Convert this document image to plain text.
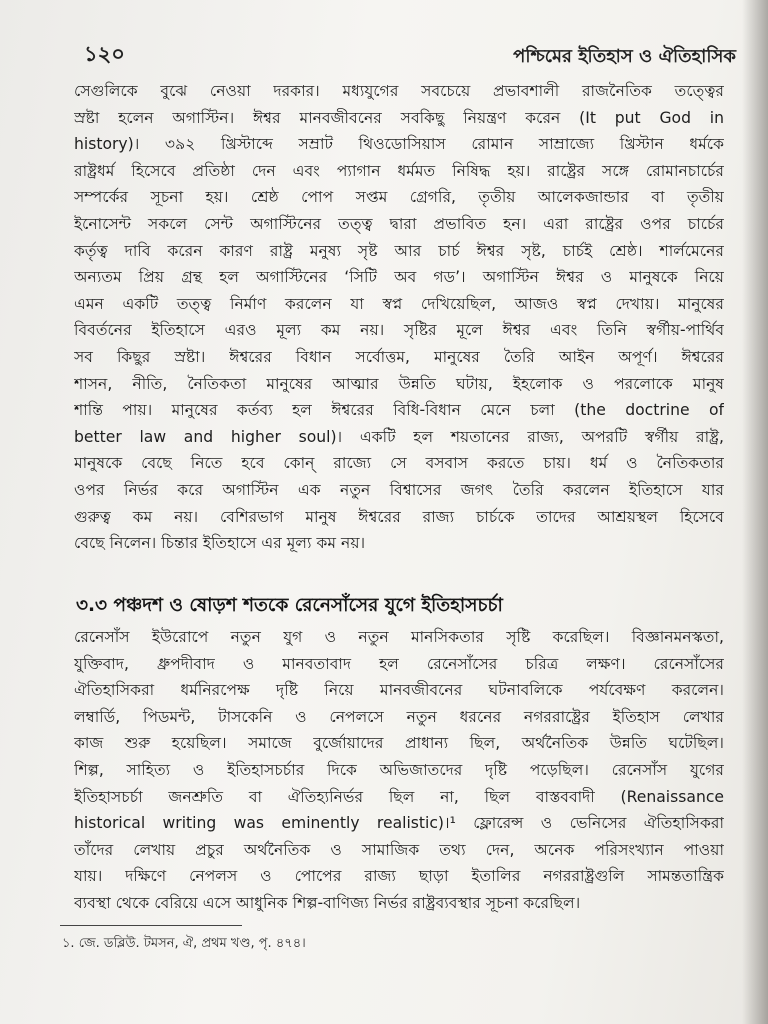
১২০	পশ্চিমের ইতিহাস ও ঐতিহাসিক
সেগুলিকে বুঝে নেওয়া দরকার। মধ্যযুগের সবচেয়ে প্রভাবশালী রাজনৈতিক তত্ত্বের
স্রষ্টা হলেন অগাস্টিন। ঈশ্বর মানবজীবনের সবকিছু নিয়ন্ত্রণ করেন (It put God in
history)। ৩৯২ খ্রিস্টাব্দে সম্রাট থিওডোসিয়াস রোমান সাম্রাজ্যে খ্রিস্টান ধর্মকে
রাষ্ট্রধর্ম হিসেবে প্রতিষ্ঠা দেন এবং প্যাগান ধর্মমত নিষিদ্ধ হয়। রাষ্ট্রের সঙ্গে রোমানচার্চের
সম্পর্কের সূচনা হয়। শ্রেষ্ঠ পোপ সপ্তম গ্রেগরি, তৃতীয় আলেকজান্ডার বা তৃতীয়
ইনোসেন্ট সকলে সেন্ট অগাস্টিনের তত্ত্ব দ্বারা প্রভাবিত হন। এরা রাষ্ট্রের ওপর চার্চের
কর্তৃত্ব দাবি করেন কারণ রাষ্ট্র মনুষ্য সৃষ্ট আর চার্চ ঈশ্বর সৃষ্ট, চার্চই শ্রেষ্ঠ। শার্লমেনের
অন্যতম প্রিয় গ্রন্থ হল অগাস্টিনের ‘সিটি অব গড’। অগাস্টিন ঈশ্বর ও মানুষকে নিয়ে
এমন একটি তত্ত্ব নির্মাণ করলেন যা স্বপ্ন দেখিয়েছিল, আজও স্বপ্ন দেখায়। মানুষের
বিবর্তনের ইতিহাসে এরও মূল্য কম নয়। সৃষ্টির মূলে ঈশ্বর এবং তিনি স্বর্গীয়-পার্থিব
সব কিছুর স্রষ্টা। ঈশ্বরের বিধান সর্বোত্তম, মানুষের তৈরি আইন অপূর্ণ। ঈশ্বরের
শাসন, নীতি, নৈতিকতা মানুষের আত্মার উন্নতি ঘটায়, ইহলোক ও পরলোকে মানুষ
শান্তি পায়। মানুষের কর্তব্য হল ঈশ্বরের বিধি-বিধান মেনে চলা (the doctrine of
better law and higher soul)। একটি হল শয়তানের রাজ্য, অপরটি স্বর্গীয় রাষ্ট্র,
মানুষকে বেছে নিতে হবে কোন্ রাজ্যে সে বসবাস করতে চায়। ধর্ম ও নৈতিকতার
ওপর নির্ভর করে অগাস্টিন এক নতুন বিশ্বাসের জগৎ তৈরি করলেন ইতিহাসে যার
গুরুত্ব কম নয়। বেশিরভাগ মানুষ ঈশ্বরের রাজ্য চার্চকে তাদের আশ্রয়স্থল হিসেবে
বেছে নিলেন। চিন্তার ইতিহাসে এর মূল্য কম নয়।
৩.৩ পঞ্চদশ ও ষোড়শ শতকে রেনেসাঁসের যুগে ইতিহাসচর্চা
রেনেসাঁস ইউরোপে নতুন যুগ ও নতুন মানসিকতার সৃষ্টি করেছিল। বিজ্ঞানমনস্কতা,
যুক্তিবাদ, ধ্রুপদীবাদ ও মানবতাবাদ হল রেনেসাঁসের চরিত্র লক্ষণ। রেনেসাঁসের
ঐতিহাসিকরা ধর্মনিরপেক্ষ দৃষ্টি নিয়ে মানবজীবনের ঘটনাবলিকে পর্যবেক্ষণ করলেন।
লম্বার্ডি, পিডমন্ট, টাসকেনি ও নেপলসে নতুন ধরনের নগররাষ্ট্রের ইতিহাস লেখার
কাজ শুরু হয়েছিল। সমাজে বুর্জোয়াদের প্রাধান্য ছিল, অর্থনৈতিক উন্নতি ঘটেছিল।
শিল্প, সাহিত্য ও ইতিহাসচর্চার দিকে অভিজাতদের দৃষ্টি পড়েছিল। রেনেসাঁস যুগের
ইতিহাসচর্চা জনশ্রুতি বা ঐতিহ্যনির্ভর ছিল না, ছিল বাস্তববাদী (Renaissance
historical writing was eminently realistic)।¹ ফ্লোরেন্স ও ভেনিসের ঐতিহাসিকরা
তাঁদের লেখায় প্রচুর অর্থনৈতিক ও সামাজিক তথ্য দেন, অনেক পরিসংখ্যান পাওয়া
যায়। দক্ষিণে নেপলস ও পোপের রাজ্য ছাড়া ইতালির নগররাষ্ট্রগুলি সামন্ততান্ত্রিক
ব্যবস্থা থেকে বেরিয়ে এসে আধুনিক শিল্প-বাণিজ্য নির্ভর রাষ্ট্রব্যবস্থার সূচনা করেছিল।
১. জে. ডব্লিউ. টমসন, ঐ, প্রথম খণ্ড, পৃ. ৪৭৪।
